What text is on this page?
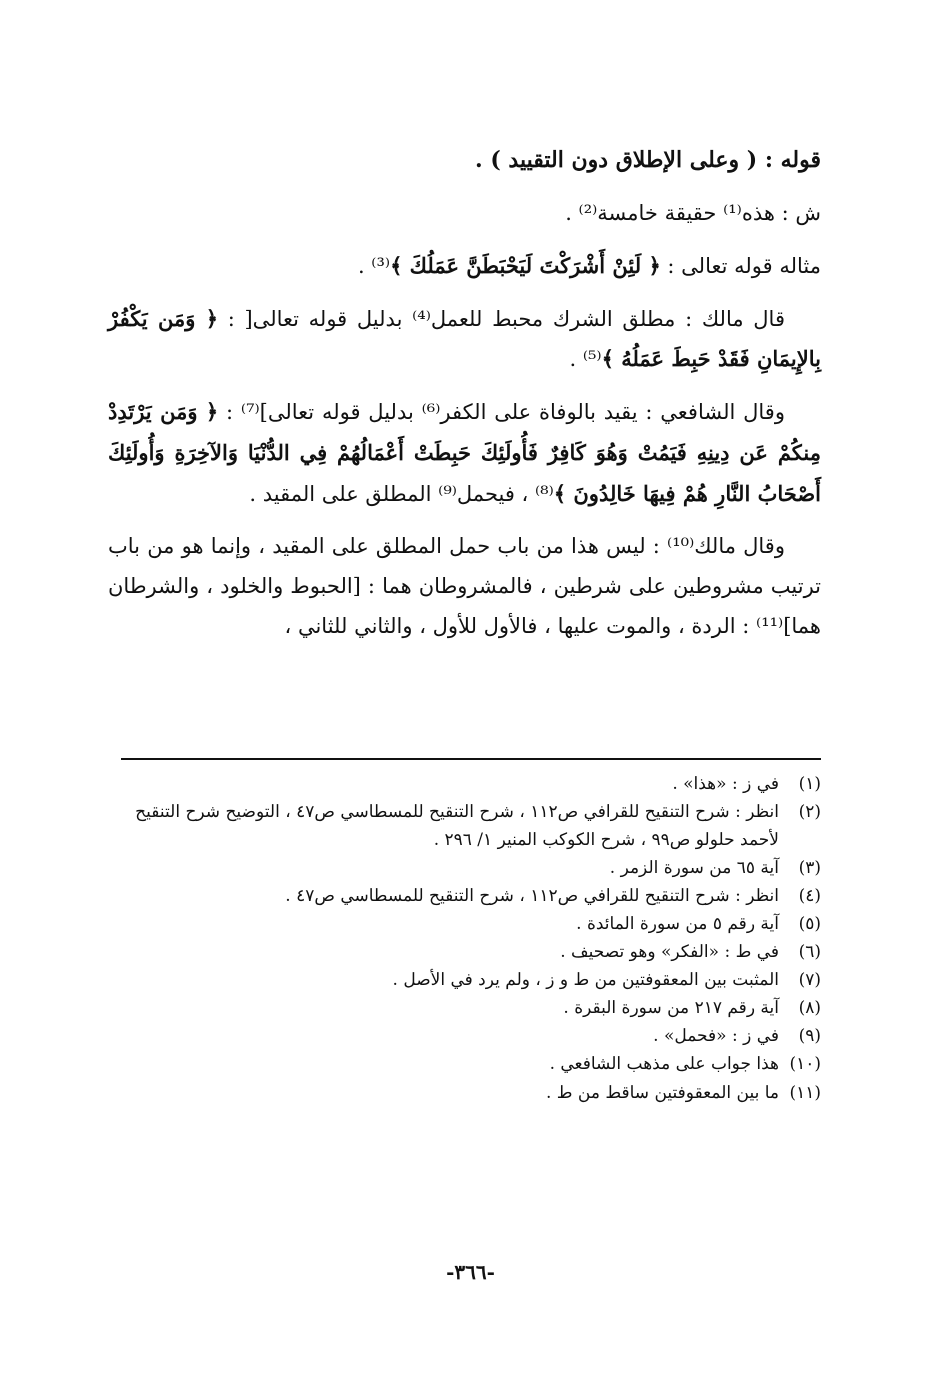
قوله : ( وعلى الإطلاق دون التقييد ) .

ش : هذه⁽¹⁾ حقيقة خامسة⁽²⁾ .

مثاله قوله تعالى : ﴿ لَئِنْ أَشْرَكْتَ لَيَحْبَطَنَّ عَمَلُكَ ﴾⁽³⁾ .

قال مالك : مطلق الشرك محبط للعمل⁽⁴⁾ بدليل قوله تعالى[ : ﴿ وَمَن يَكْفُرْ بِالإِيمَانِ فَقَدْ حَبِطَ عَمَلُهُ ﴾⁽⁵⁾ .

وقال الشافعي : يقيد بالوفاة على الكفر⁽⁶⁾ بدليل قوله تعالى]⁽⁷⁾ : ﴿ وَمَن يَرْتَدِدْ مِنكُمْ عَن دِينِهِ فَيَمُتْ وَهُوَ كَافِرٌ فَأُولَئِكَ حَبِطَتْ أَعْمَالُهُمْ فِي الدُّنْيَا وَالآخِرَةِ وَأُولَئِكَ أَصْحَابُ النَّارِ هُمْ فِيهَا خَالِدُونَ ﴾⁽⁸⁾ ، فيحمل⁽⁹⁾ المطلق على المقيد .

وقال مالك⁽¹⁰⁾ : ليس هذا من باب حمل المطلق على المقيد ، وإنما هو من باب ترتيب مشروطين على شرطين ، فالمشروطان هما : [الحبوط والخلود ، والشرطان هما]⁽¹¹⁾ : الردة ، والموت عليها ، فالأول للأول ، والثاني للثاني ،

(١)
في ز : «هذا» .
(٢)
انظر : شرح التنقيح للقرافي ص١١٢ ، شرح التنقيح للمسطاسي ص٤٧ ، التوضيح شرح التنقيح لأحمد حلولو ص٩٩ ، شرح الكوكب المنير ١/ ٢٩٦ .
(٣)
آية ٦٥ من سورة الزمر .
(٤)
انظر : شرح التنقيح للقرافي ص١١٢ ، شرح التنقيح للمسطاسي ص٤٧ .
(٥)
آية رقم ٥ من سورة المائدة .
(٦)
في ط : «الفكر» وهو تصحيف .
(٧)
المثبت بين المعقوفتين من ط و ز ، ولم يرد في الأصل .
(٨)
آية رقم ٢١٧ من سورة البقرة .
(٩)
في ز : «فحمل» .
(١٠)
هذا جواب على مذهب الشافعي .
(١١)
ما بين المعقوفتين ساقط من ط .
-٣٦٦-
